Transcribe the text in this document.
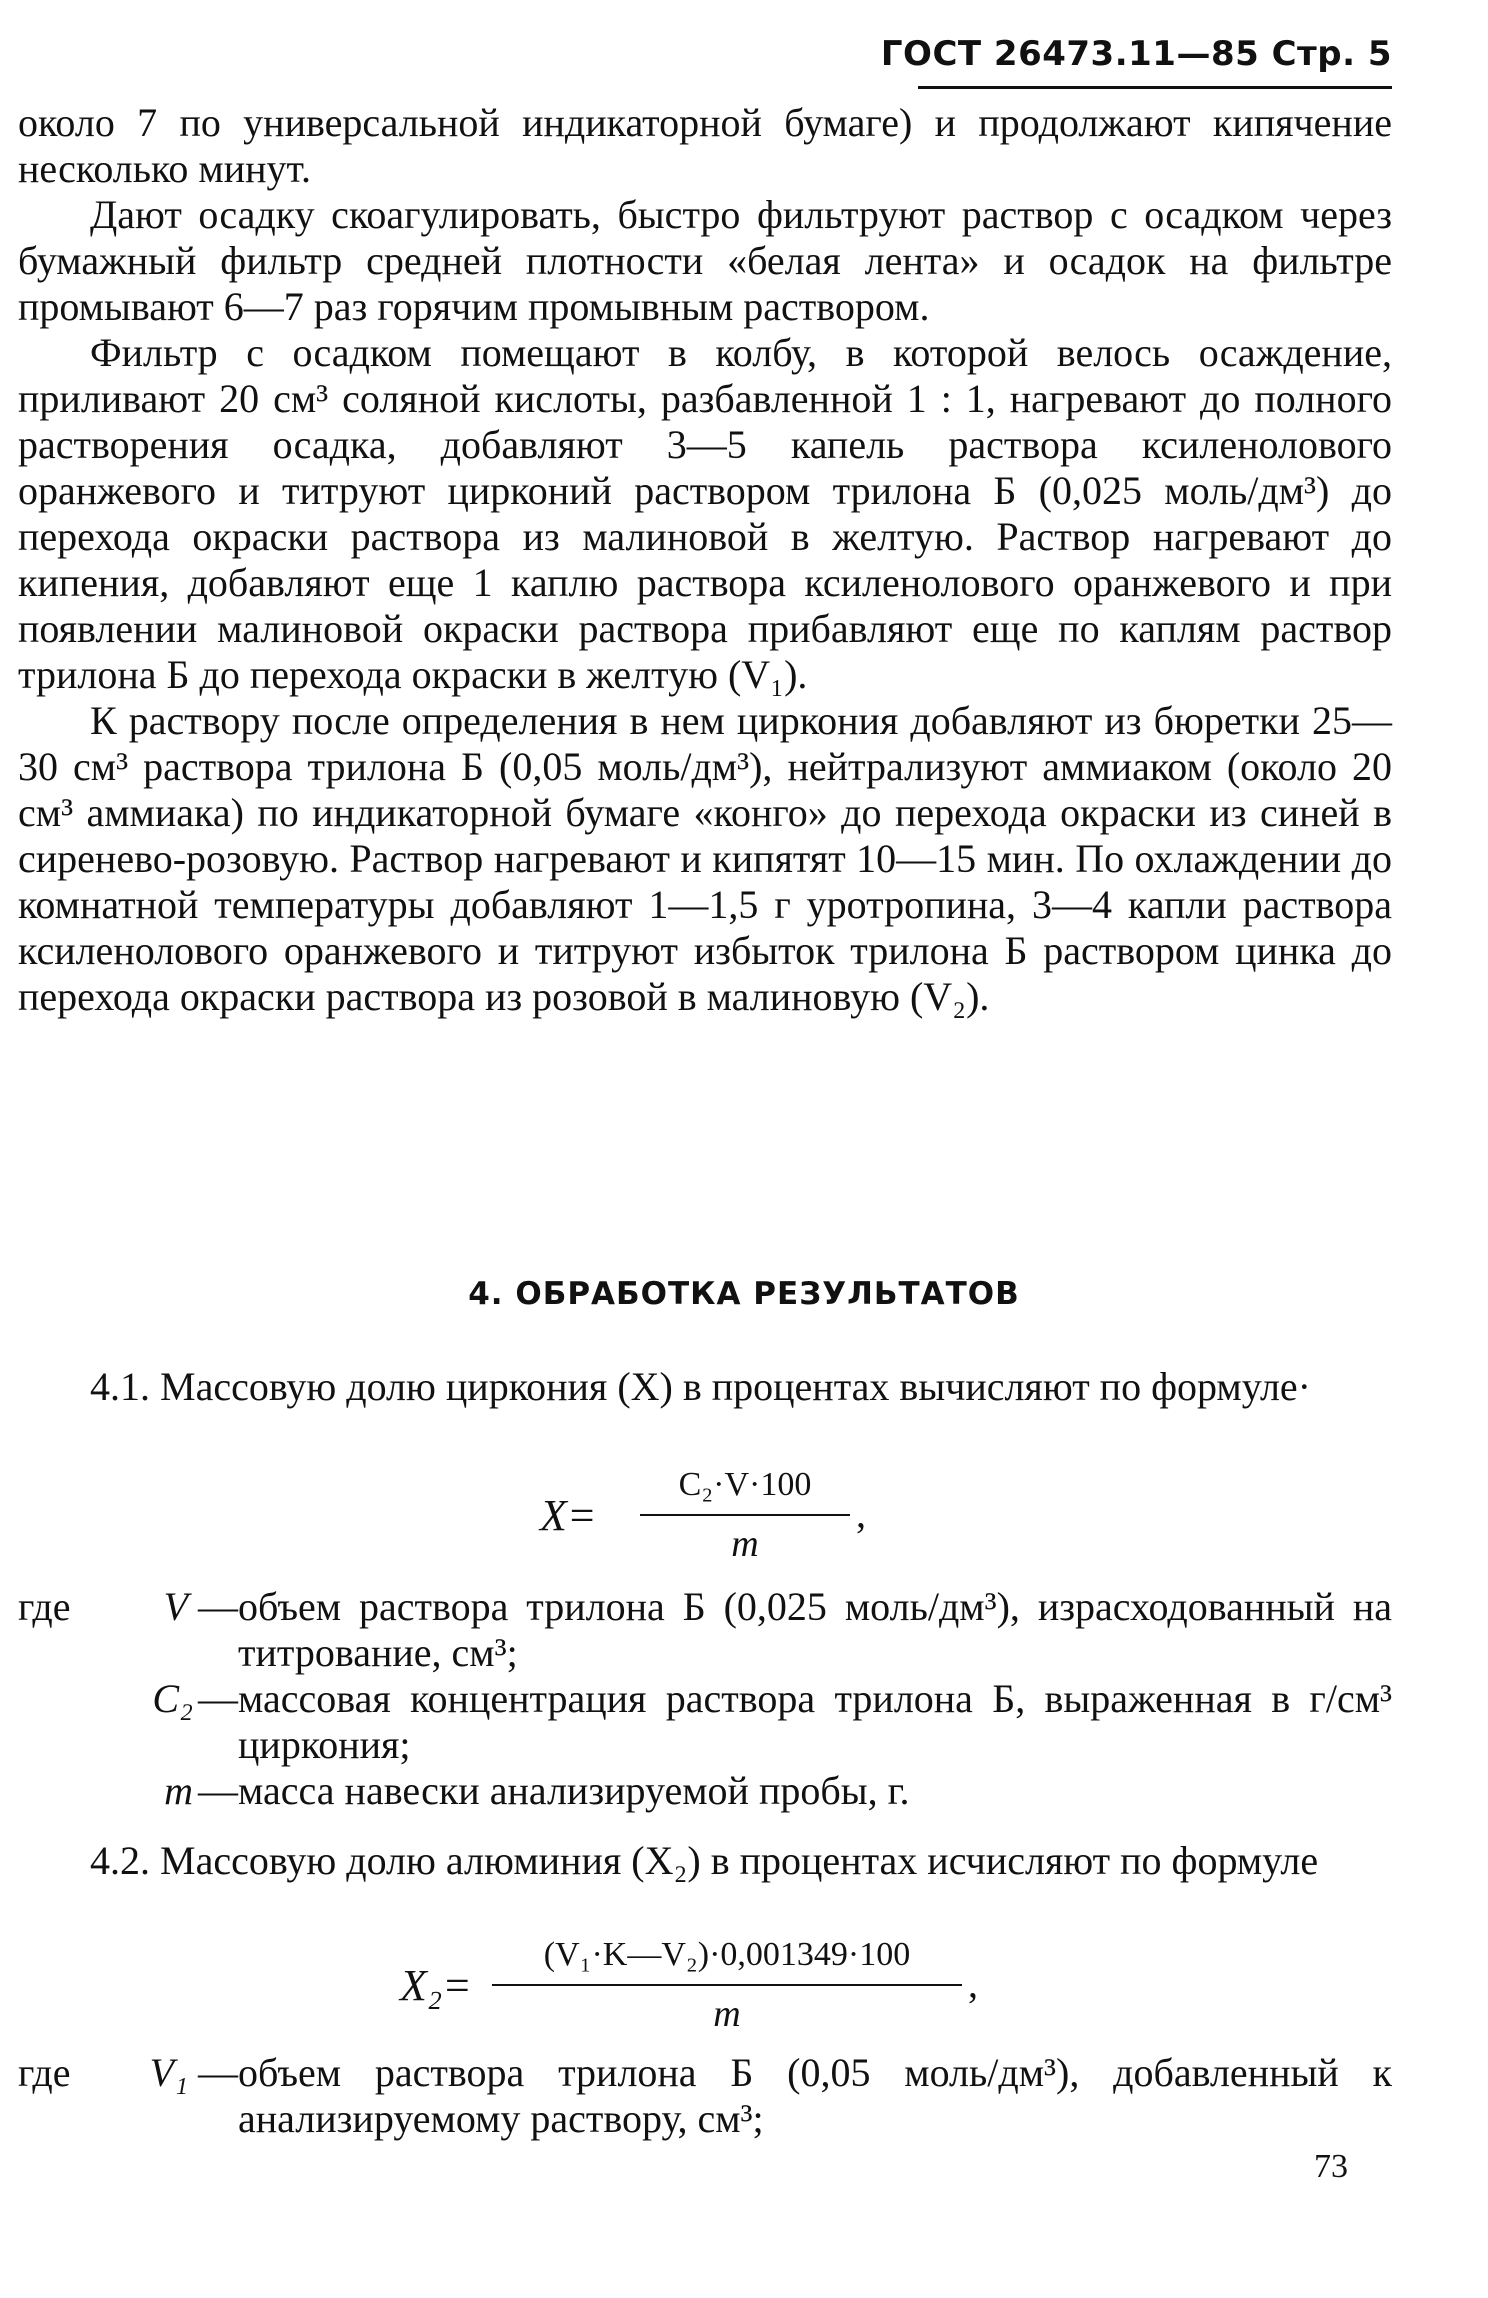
ГОСТ 26473.11—85 Стр. 5

около 7 по универсальной индикаторной бумаге) и продолжают кипячение несколько минут.

Дают осадку скоагулировать, быстро фильтруют раствор с осадком через бумажный фильтр средней плотности «белая лента» и осадок на фильтре промывают 6—7 раз горячим промывным раствором.

Фильтр с осадком помещают в колбу, в которой велось осаждение, приливают 20 см³ соляной кислоты, разбавленной 1 : 1, нагревают до полного растворения осадка, добавляют 3—5 капель раствора ксиленолового оранжевого и титруют цирконий раствором трилона Б (0,025 моль/дм³) до перехода окраски раствора из малиновой в желтую. Раствор нагревают до кипения, добавляют еще 1 каплю раствора ксиленолового оранжевого и при появлении малиновой окраски раствора прибавляют еще по каплям раствор трилона Б до перехода окраски в желтую (V₁).

К раствору после определения в нем циркония добавляют из бюретки 25—30 см³ раствора трилона Б (0,05 моль/дм³), нейтрализуют аммиаком (около 20 см³ аммиака) по индикаторной бумаге «конго» до перехода окраски из синей в сиренево-розовую. Раствор нагревают и кипятят 10—15 мин. По охлаждении до комнатной температуры добавляют 1—1,5 г уротропина, 3—4 капли раствора ксиленолового оранжевого и титруют избыток трилона Б раствором цинка до перехода окраски раствора из розовой в малиновую (V₂).

4. ОБРАБОТКА РЕЗУЛЬТАТОВ

4.1. Массовую долю циркония (X) в процентах вычисляют по формуле·

X=
C₂·V·100
m
,

где	V — объем раствора трилона Б (0,025 моль/дм³), израсходованный на титрование, см³;

C₂ — массовая концентрация раствора трилона Б, выраженная в г/см³ циркония;

m — масса навески анализируемой пробы, г.

4.2. Массовую долю алюминия (X₂) в процентах исчисляют по формуле

X₂=
(V₁·K—V₂)·0,001349·100
m
,

где	V₁ — объем раствора трилона Б (0,05 моль/дм³), добавленный к анализируемому раствору, см³;

73
